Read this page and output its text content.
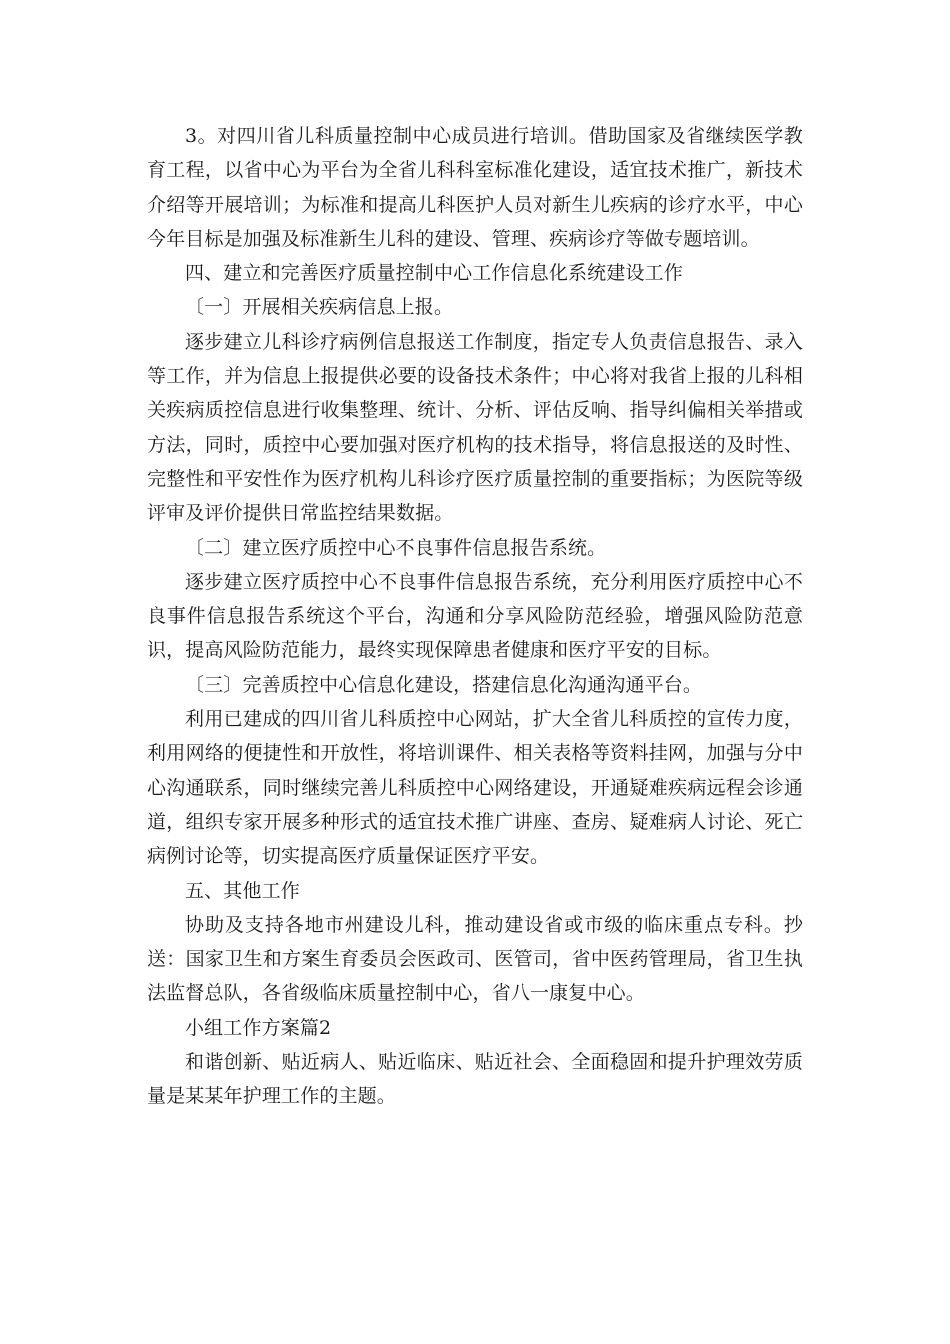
3。对四川省儿科质量控制中心成员进行培训。借助国家及省继续医学教育工程，以省中心为平台为全省儿科科室标准化建设，适宜技术推广，新技术介绍等开展培训；为标准和提高儿科医护人员对新生儿疾病的诊疗水平，中心今年目标是加强及标准新生儿科的建设、管理、疾病诊疗等做专题培训。

四、建立和完善医疗质量控制中心工作信息化系统建设工作

〔一〕开展相关疾病信息上报。

逐步建立儿科诊疗病例信息报送工作制度，指定专人负责信息报告、录入等工作，并为信息上报提供必要的设备技术条件；中心将对我省上报的儿科相关疾病质控信息进行收集整理、统计、分析、评估反响、指导纠偏相关举措或方法，同时，质控中心要加强对医疗机构的技术指导，将信息报送的及时性、完整性和平安性作为医疗机构儿科诊疗医疗质量控制的重要指标；为医院等级评审及评价提供日常监控结果数据。

〔二〕建立医疗质控中心不良事件信息报告系统。

逐步建立医疗质控中心不良事件信息报告系统，充分利用医疗质控中心不良事件信息报告系统这个平台，沟通和分享风险防范经验，增强风险防范意识，提高风险防范能力，最终实现保障患者健康和医疗平安的目标。

〔三〕完善质控中心信息化建设，搭建信息化沟通沟通平台。

利用已建成的四川省儿科质控中心网站，扩大全省儿科质控的宣传力度，利用网络的便捷性和开放性，将培训课件、相关表格等资料挂网，加强与分中心沟通联系，同时继续完善儿科质控中心网络建设，开通疑难疾病远程会诊通道，组织专家开展多种形式的适宜技术推广讲座、查房、疑难病人讨论、死亡病例讨论等，切实提高医疗质量保证医疗平安。

五、其他工作

协助及支持各地市州建设儿科，推动建设省或市级的临床重点专科。抄送：国家卫生和方案生育委员会医政司、医管司，省中医药管理局，省卫生执法监督总队，各省级临床质量控制中心，省八一康复中心。

小组工作方案篇2

和谐创新、贴近病人、贴近临床、贴近社会、全面稳固和提升护理效劳质量是某某年护理工作的主题。
